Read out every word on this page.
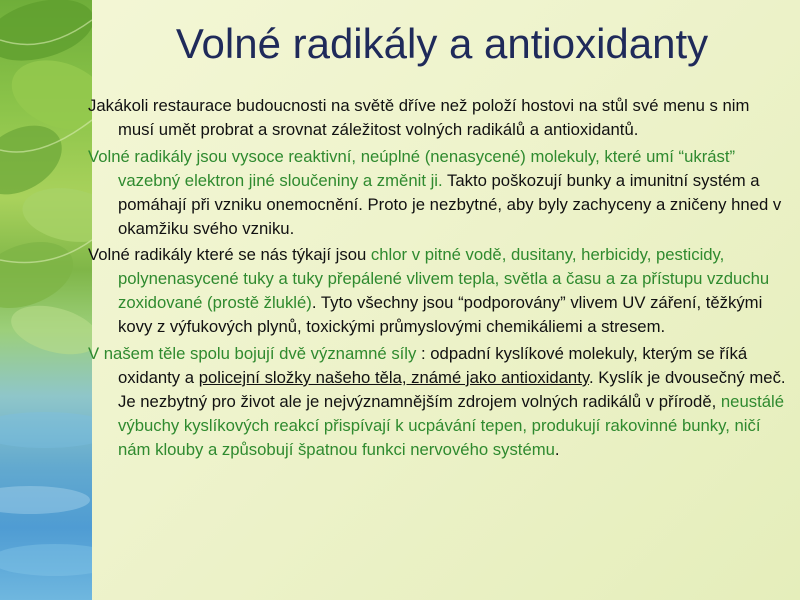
Volné radikály a antioxidanty

Jakákoli restaurace budoucnosti na světě dříve než položí hostovi na stůl své menu s nim musí umět probrat a srovnat záležitost volných radikálů a antioxidantů.

Volné radikály jsou vysoce reaktivní, neúplné (nenasycené) molekuly, které umí “ukrást” vazebný elektron jiné sloučeniny a změnit ji. Takto poškozují bunky a imunitní systém a pomáhají při vzniku onemocnění. Proto je nezbytné, aby byly zachyceny a zničeny hned v okamžiku svého vzniku.

Volné radikály které se nás týkají jsou chlor v pitné vodě, dusitany, herbicidy, pesticidy, polynenasycené tuky a tuky přepálené vlivem tepla, světla a času a za přístupu vzduchu zoxidované (prostě žluklé). Tyto všechny jsou “podporovány” vlivem UV záření, těžkými kovy z výfukových plynů, toxickými průmyslovými chemikáliemi a stresem.

V našem těle spolu bojují dvě významné síly : odpadní kyslíkové molekuly, kterým se říká oxidanty a policejní složky našeho těla, známé jako antioxidanty. Kyslík je dvousečný meč. Je nezbytný pro život ale je nejvýznamnějším zdrojem volných radikálů v přírodě, neustálé výbuchy kyslíkových reakcí přispívají k ucpávání tepen, produkují rakovinné bunky, ničí nám klouby a způsobují špatnou funkci nervového systému.
